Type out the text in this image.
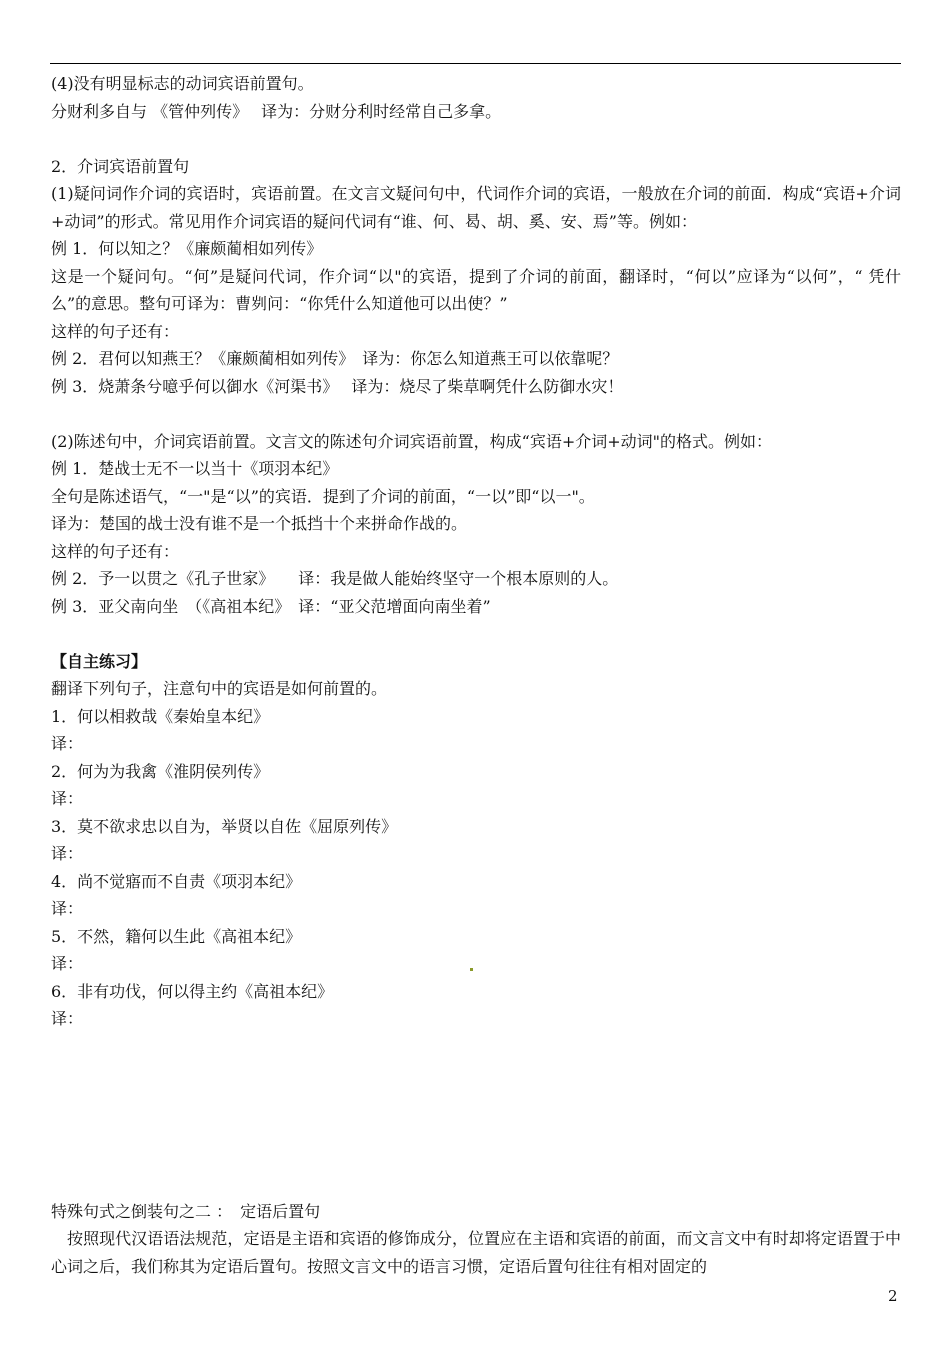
(4)没有明显标志的动词宾语前置句。
分财利多自与 《管仲列传》　 译为：分财分利时经常自己多拿。
2．介词宾语前置句
(1)疑问词作介词的宾语时，宾语前置。在文言文疑问句中，代词作介词的宾语，一般放在介词的前面．构成“宾语+介词+动词”的形式。常见用作介词宾语的疑问代词有“谁、何、曷、胡、奚、安、焉”等。例如：
例 1．何以知之？《廉颇蔺相如列传》
这是一个疑问句。“何”是疑问代词，作介词“以"的宾语，提到了介词的前面，翻译时，“何以”应译为“以何”，“ 凭什么”的意思。整句可译为：曹刿问：“你凭什么知道他可以出使？”
这样的句子还有：
例 2．君何以知燕王？《廉颇蔺相如列传》　译为：你怎么知道燕王可以依靠呢？
例 3．烧萧条兮噫乎何以御水《河渠书》　 译为：烧尽了柴草啊凭什么防御水灾！
(2)陈述句中，介词宾语前置。文言文的陈述句介词宾语前置，构成“宾语+介词+动词"的格式。例如：
例 1．楚战士无不一以当十《项羽本纪》
全句是陈述语气，“一"是“以”的宾语．提到了介词的前面，“一以”即“以一"。
译为：楚国的战士没有谁不是一个抵挡十个来拼命作战的。
这样的句子还有：
例 2．予一以贯之《孔子世家》　　译：我是做人能始终坚守一个根本原则的人。
例 3．亚父南向坐　（《高祖本纪》　译：“亚父范增面向南坐着”
【自主练习】
翻译下列句子，注意句中的宾语是如何前置的。
1．何以相救哉《秦始皇本纪》
译：
2．何为为我禽《淮阴侯列传》
译：
3．莫不欲求忠以自为，举贤以自佐《屈原列传》
译：
4．尚不觉寤而不自责《项羽本纪》
译：
5．不然，籍何以生此《高祖本纪》
译：
6．非有功伐，何以得主约《高祖本纪》
译：
特殊句式之倒装句之二 ：　定语后置句
　按照现代汉语语法规范，定语是主语和宾语的修饰成分，位置应在主语和宾语的前面，而文言文中有时却将定语置于中心词之后，我们称其为定语后置句。按照文言文中的语言习惯，定语后置句往往有相对固定的
2
